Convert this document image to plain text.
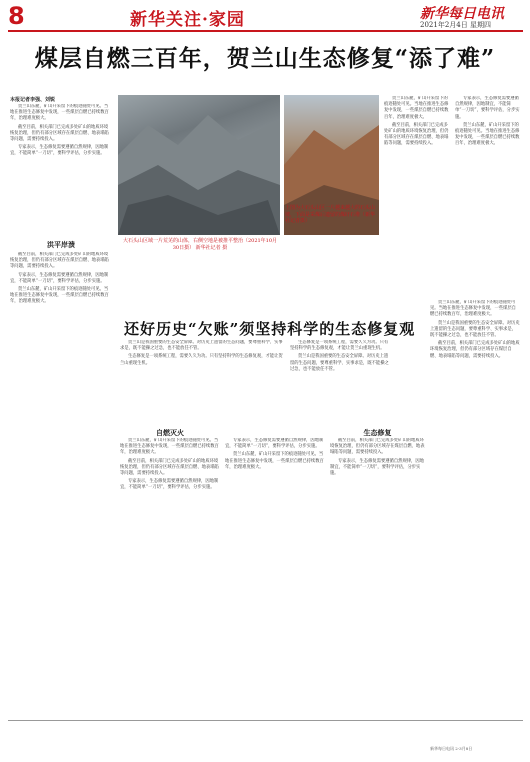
8	新华关注·家园	新华每日电讯
2021年2月4日 星期四
煤层自燃三百年，贺兰山生态修复“添了难”
本报记者李强、刘锐

贺兰山东麓，矿山开采留下的痕迹随处可见。当地在推进生态修复中发现，一些煤层自燃已持续数百年，治理难度极大。

截至目前，相关部门已完成多处矿山的地质环境恢复治理，但仍有部分区域存在煤层自燃、地表塌陷等问题，需要持续投入。

专家表示，生态修复需要遵循自然规律，因地制宜，不能简单“一刀切”，要科学评估，分步实施。

洪平岸溃

截至目前，相关部门已完成多处矿山的地质环境恢复治理，但仍有部分区域存在煤层自燃、地表塌陷等问题，需要持续投入。

专家表示，生态修复需要遵循自然规律，因地制宜，不能简单“一刀切”，要科学评估，分步实施。

贺兰山东麓，矿山开采留下的痕迹随处可见。当地在推进生态修复中发现，一些煤层自燃已持续数百年，治理难度极大。

大石头山区域一片荒芜的山体，右侧空地是被推平整治（2021年10月30日摄） 新华社记者 摄
上图为大石头山区一片越来越大的石头山坡，下面是采煤后遗留的煤矸石堆（新华社记者摄）

贺兰山东麓，矿山开采留下的痕迹随处可见。当地在推进生态修复中发现，一些煤层自燃已持续数百年，治理难度极大。

截至目前，相关部门已完成多处矿山的地质环境恢复治理，但仍有部分区域存在煤层自燃、地表塌陷等问题，需要持续投入。

专家表示，生态修复需要遵循自然规律，因地制宜，不能简单“一刀切”，要科学评估，分步实施。

贺兰山东麓，矿山开采留下的痕迹随处可见。当地在推进生态修复中发现，一些煤层自燃已持续数百年，治理难度极大。

还好历史“欠账”须坚持科学的生态修复观

贺兰山是我国重要的生态安全屏障。对历史上遗留的生态问题，要尊重科学、实事求是，既不能操之过急，也不能放任不管。

生态修复是一项系统工程，需要久久为功。只有坚持科学的生态修复观，才能让贺兰山重现生机。

生态修复是一项系统工程，需要久久为功。只有坚持科学的生态修复观，才能让贺兰山重现生机。

贺兰山是我国重要的生态安全屏障。对历史上遗留的生态问题，要尊重科学、实事求是，既不能操之过急，也不能放任不管。

自燃灭火

贺兰山东麓，矿山开采留下的痕迹随处可见。当地在推进生态修复中发现，一些煤层自燃已持续数百年，治理难度极大。

截至目前，相关部门已完成多处矿山的地质环境恢复治理，但仍有部分区域存在煤层自燃、地表塌陷等问题，需要持续投入。

专家表示，生态修复需要遵循自然规律，因地制宜，不能简单“一刀切”，要科学评估，分步实施。

专家表示，生态修复需要遵循自然规律，因地制宜，不能简单“一刀切”，要科学评估，分步实施。

贺兰山东麓，矿山开采留下的痕迹随处可见。当地在推进生态修复中发现，一些煤层自燃已持续数百年，治理难度极大。

生态修复

截至目前，相关部门已完成多处矿山的地质环境恢复治理，但仍有部分区域存在煤层自燃、地表塌陷等问题，需要持续投入。

专家表示，生态修复需要遵循自然规律，因地制宜，不能简单“一刀切”，要科学评估，分步实施。

贺兰山东麓，矿山开采留下的痕迹随处可见。当地在推进生态修复中发现，一些煤层自燃已持续数百年，治理难度极大。

贺兰山是我国重要的生态安全屏障。对历史上遗留的生态问题，要尊重科学、实事求是，既不能操之过急，也不能放任不管。

截至目前，相关部门已完成多处矿山的地质环境恢复治理，但仍有部分区域存在煤层自燃、地表塌陷等问题，需要持续投入。

新华每日电讯 2-3月8日
